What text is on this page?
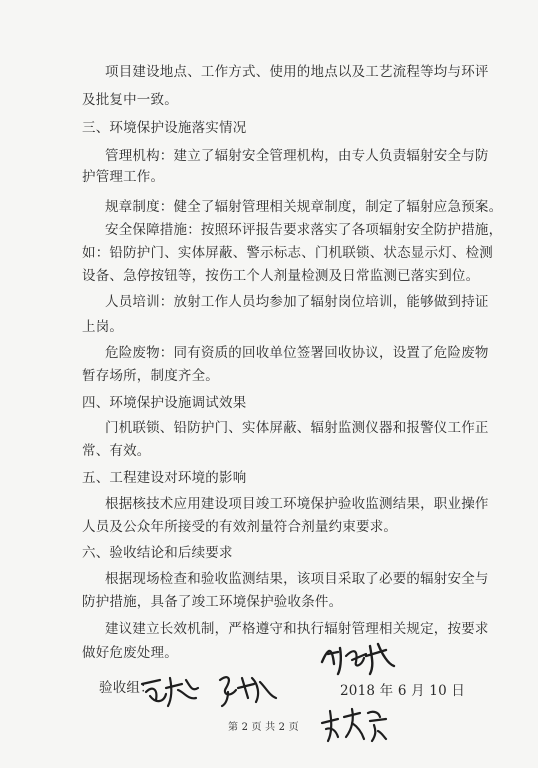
项目建设地点、工作方式、使用的地点以及工艺流程等均与环评
及批复中一致。
三、环境保护设施落实情况
管理机构：建立了辐射安全管理机构，由专人负责辐射安全与防
护管理工作。
规章制度：健全了辐射管理相关规章制度，制定了辐射应急预案。
安全保障措施：按照环评报告要求落实了各项辐射安全防护措施，
如：铅防护门、实体屏蔽、警示标志、门机联锁、状态显示灯、检测
设备、急停按钮等，按伤工个人剂量检测及日常监测已落实到位。
人员培训：放射工作人员均参加了辐射岗位培训，能够做到持证
上岗。
危险废物：同有资质的回收单位签署回收协议，设置了危险废物
暂存场所，制度齐全。
四、环境保护设施调试效果
门机联锁、铅防护门、实体屏蔽、辐射监测仪器和报警仪工作正
常、有效。
五、工程建设对环境的影响
根据核技术应用建设项目竣工环境保护验收监测结果，职业操作
人员及公众年所接受的有效剂量符合剂量约束要求。
六、验收结论和后续要求
根据现场检查和验收监测结果，该项目采取了必要的辐射安全与
防护措施，具备了竣工环境保护验收条件。
建议建立长效机制，严格遵守和执行辐射管理相关规定，按要求
做好危废处理。
验收组：	2018 年 6 月 10 日
第 2 页 共 2 页
